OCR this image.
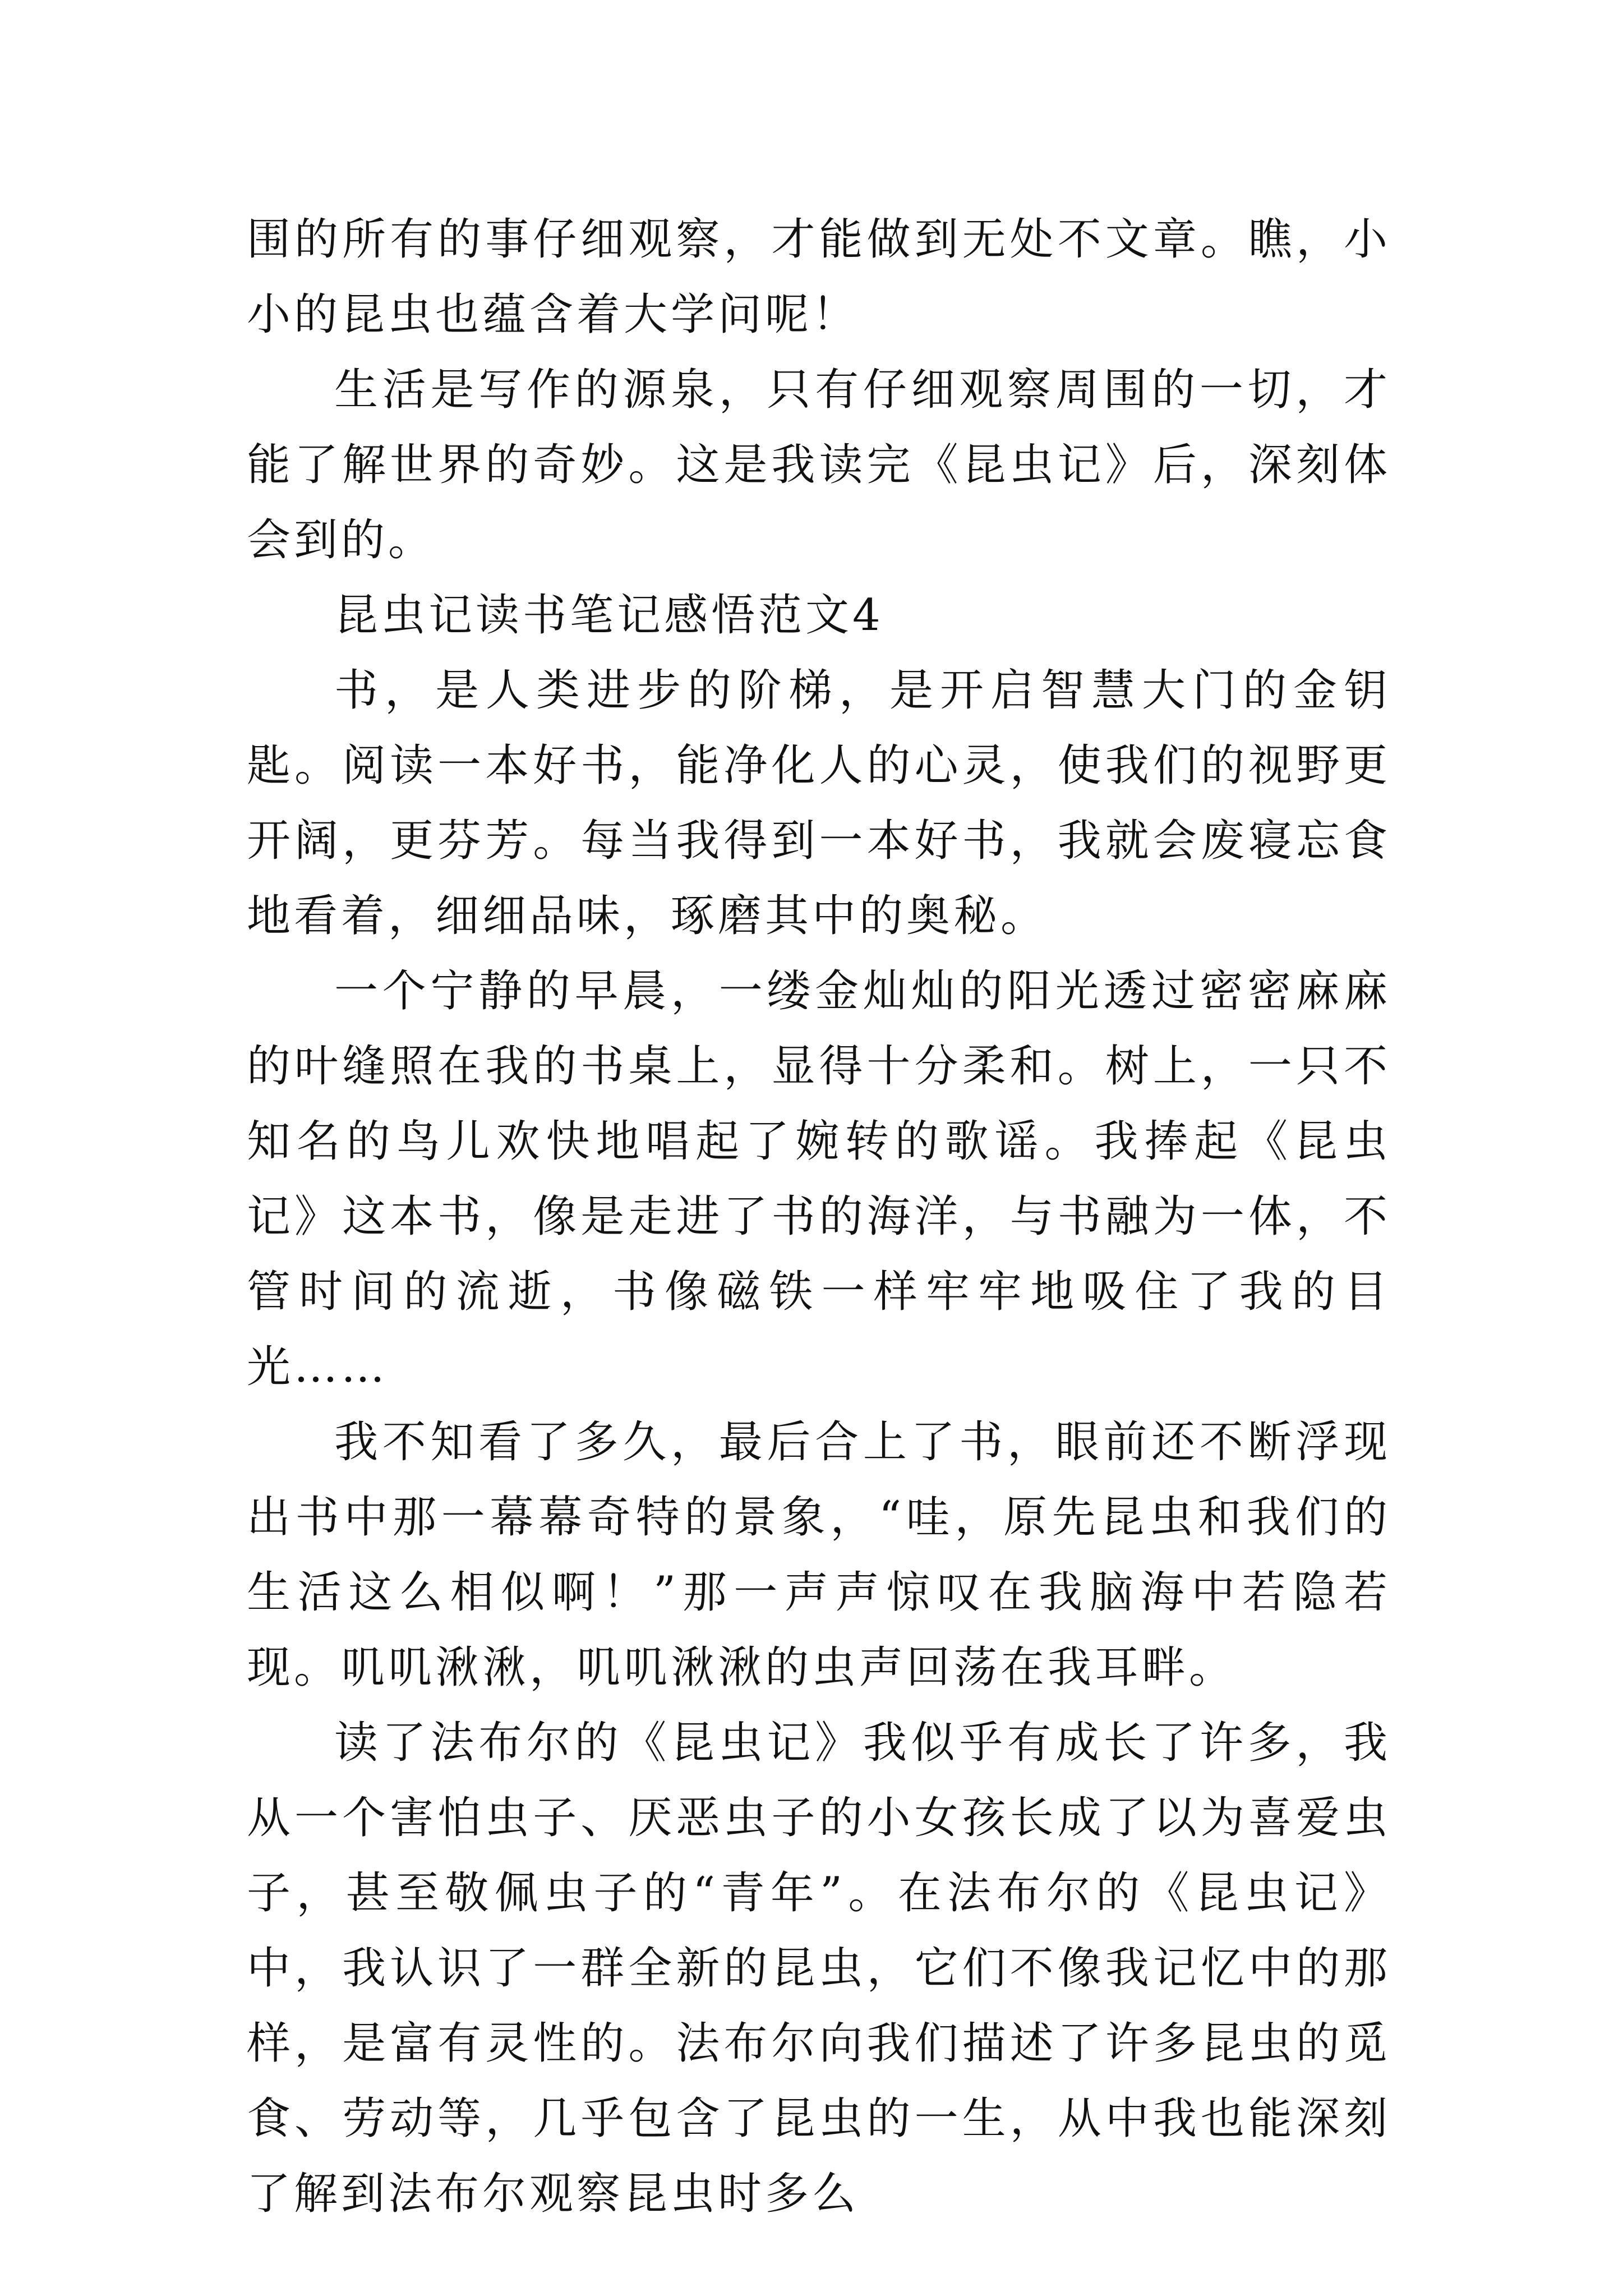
围的所有的事仔细观察，才能做到无处不文章。瞧，小小的昆虫也蕴含着大学问呢！

生活是写作的源泉，只有仔细观察周围的一切，才能了解世界的奇妙。这是我读完《昆虫记》后，深刻体会到的。

昆虫记读书笔记感悟范文4

书，是人类进步的阶梯，是开启智慧大门的金钥匙。阅读一本好书，能净化人的心灵，使我们的视野更开阔，更芬芳。每当我得到一本好书，我就会废寝忘食地看着，细细品味，琢磨其中的奥秘。

一个宁静的早晨，一缕金灿灿的阳光透过密密麻麻的叶缝照在我的书桌上，显得十分柔和。树上，一只不知名的鸟儿欢快地唱起了婉转的歌谣。我捧起《昆虫记》这本书，像是走进了书的海洋，与书融为一体，不管时间的流逝，书像磁铁一样牢牢地吸住了我的目光……

我不知看了多久，最后合上了书，眼前还不断浮现出书中那一幕幕奇特的景象，“哇，原先昆虫和我们的生活这么相似啊！”那一声声惊叹在我脑海中若隐若现。叽叽湫湫，叽叽湫湫的虫声回荡在我耳畔。

读了法布尔的《昆虫记》我似乎有成长了许多，我从一个害怕虫子、厌恶虫子的小女孩长成了以为喜爱虫子，甚至敬佩虫子的“青年”。在法布尔的《昆虫记》中，我认识了一群全新的昆虫，它们不像我记忆中的那样，是富有灵性的。法布尔向我们描述了许多昆虫的觅食、劳动等，几乎包含了昆虫的一生，从中我也能深刻了解到法布尔观察昆虫时多么
